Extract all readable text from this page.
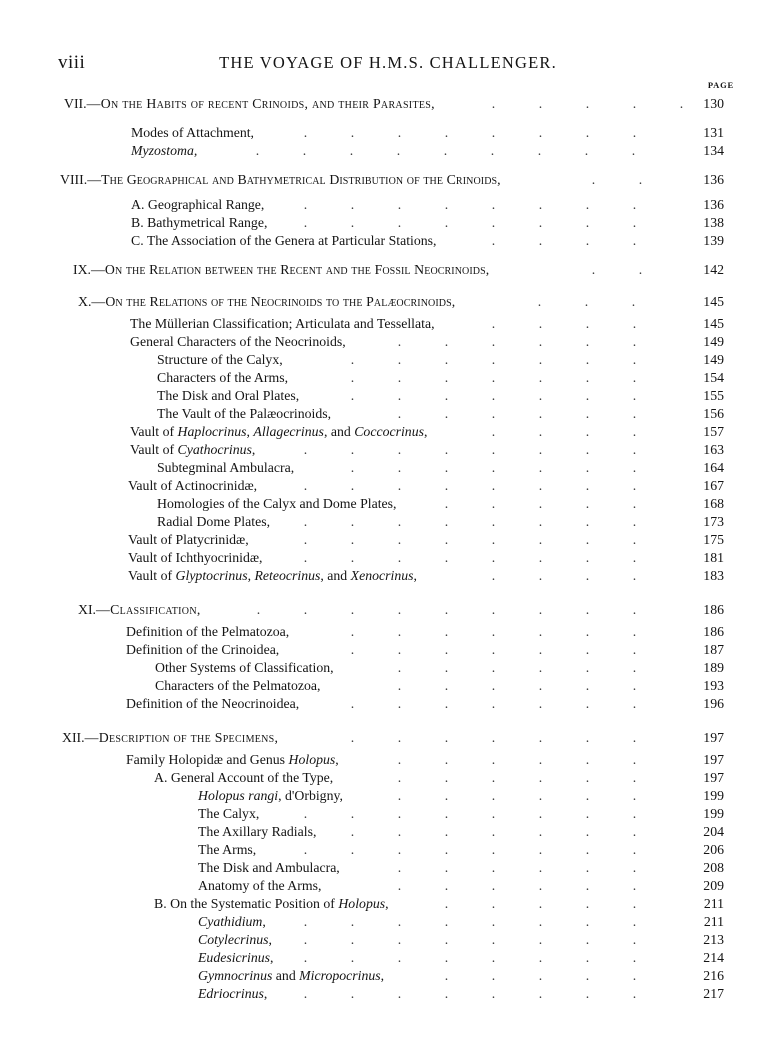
viii	THE VOYAGE OF H.M.S. CHALLENGER.
PAGE
VII.—On the Habits of recent Crinoids, and their Parasites,	.	.	.	.	.	130
Modes of Attachment,	.	.	.	.	.	.	.	.	131
Myzostoma,	.	.	.	.	.	.	.	.	.	134
VIII.—The Geographical and Bathymetrical Distribution of the Crinoids,	.	.	136
A. Geographical Range,	.	.	.	.	.	.	.	.	136
B. Bathymetrical Range,	.	.	.	.	.	.	.	.	138
C. The Association of the Genera at Particular Stations,	.	.	.	.	139
IX.—On the Relation between the Recent and the Fossil Neocrinoids,	.	.	142
X.—On the Relations of the Neocrinoids to the Palæocrinoids,	.	.	.	145
The Müllerian Classification; Articulata and Tessellata,	.	.	.	.	145
General Characters of the Neocrinoids,	.	.	.	.	.	.	149
Structure of the Calyx,	.	.	.	.	.	.	.	149
Characters of the Arms,	.	.	.	.	.	.	.	154
The Disk and Oral Plates,	.	.	.	.	.	.	.	155
The Vault of the Palæocrinoids,	.	.	.	.	.	.	156
Vault of Haplocrinus, Allagecrinus, and Coccocrinus,	.	.	.	.	157
Vault of Cyathocrinus,	.	.	.	.	.	.	.	.	163
Subtegminal Ambulacra,	.	.	.	.	.	.	.	164
Vault of Actinocrinidæ,	.	.	.	.	.	.	.	.	167
Homologies of the Calyx and Dome Plates,	.	.	.	.	.	168
Radial Dome Plates,	.	.	.	.	.	.	.	.	173
Vault of Platycrinidæ,	.	.	.	.	.	.	.	.	175
Vault of Ichthyocrinidæ,	.	.	.	.	.	.	.	.	181
Vault of Glyptocrinus, Reteocrinus, and Xenocrinus,	.	.	.	.	183
XI.—Classification,	.	.	.	.	.	.	.	.	.	186
Definition of the Pelmatozoa,	.	.	.	.	.	.	.	186
Definition of the Crinoidea,	.	.	.	.	.	.	.	187
Other Systems of Classification,	.	.	.	.	.	.	189
Characters of the Pelmatozoa,	.	.	.	.	.	.	193
Definition of the Neocrinoidea,	.	.	.	.	.	.	.	196
XII.—Description of the Specimens,	.	.	.	.	.	.	.	197
Family Holopidæ and Genus Holopus,	.	.	.	.	.	.	197
A. General Account of the Type,	.	.	.	.	.	.	197
Holopus rangi, d'Orbigny,	.	.	.	.	.	.	199
The Calyx,	.	.	.	.	.	.	.	.	199
The Axillary Radials,	.	.	.	.	.	.	.	204
The Arms,	.	.	.	.	.	.	.	.	206
The Disk and Ambulacra,	.	.	.	.	.	.	208
Anatomy of the Arms,	.	.	.	.	.	.	209
B. On the Systematic Position of Holopus,	.	.	.	.	.	211
Cyathidium,	.	.	.	.	.	.	.	.	211
Cotylecrinus,	.	.	.	.	.	.	.	.	213
Eudesicrinus,	.	.	.	.	.	.	.	.	214
Gymnocrinus and Micropocrinus,	.	.	.	.	.	216
Edriocrinus,	.	.	.	.	.	.	.	.	217
